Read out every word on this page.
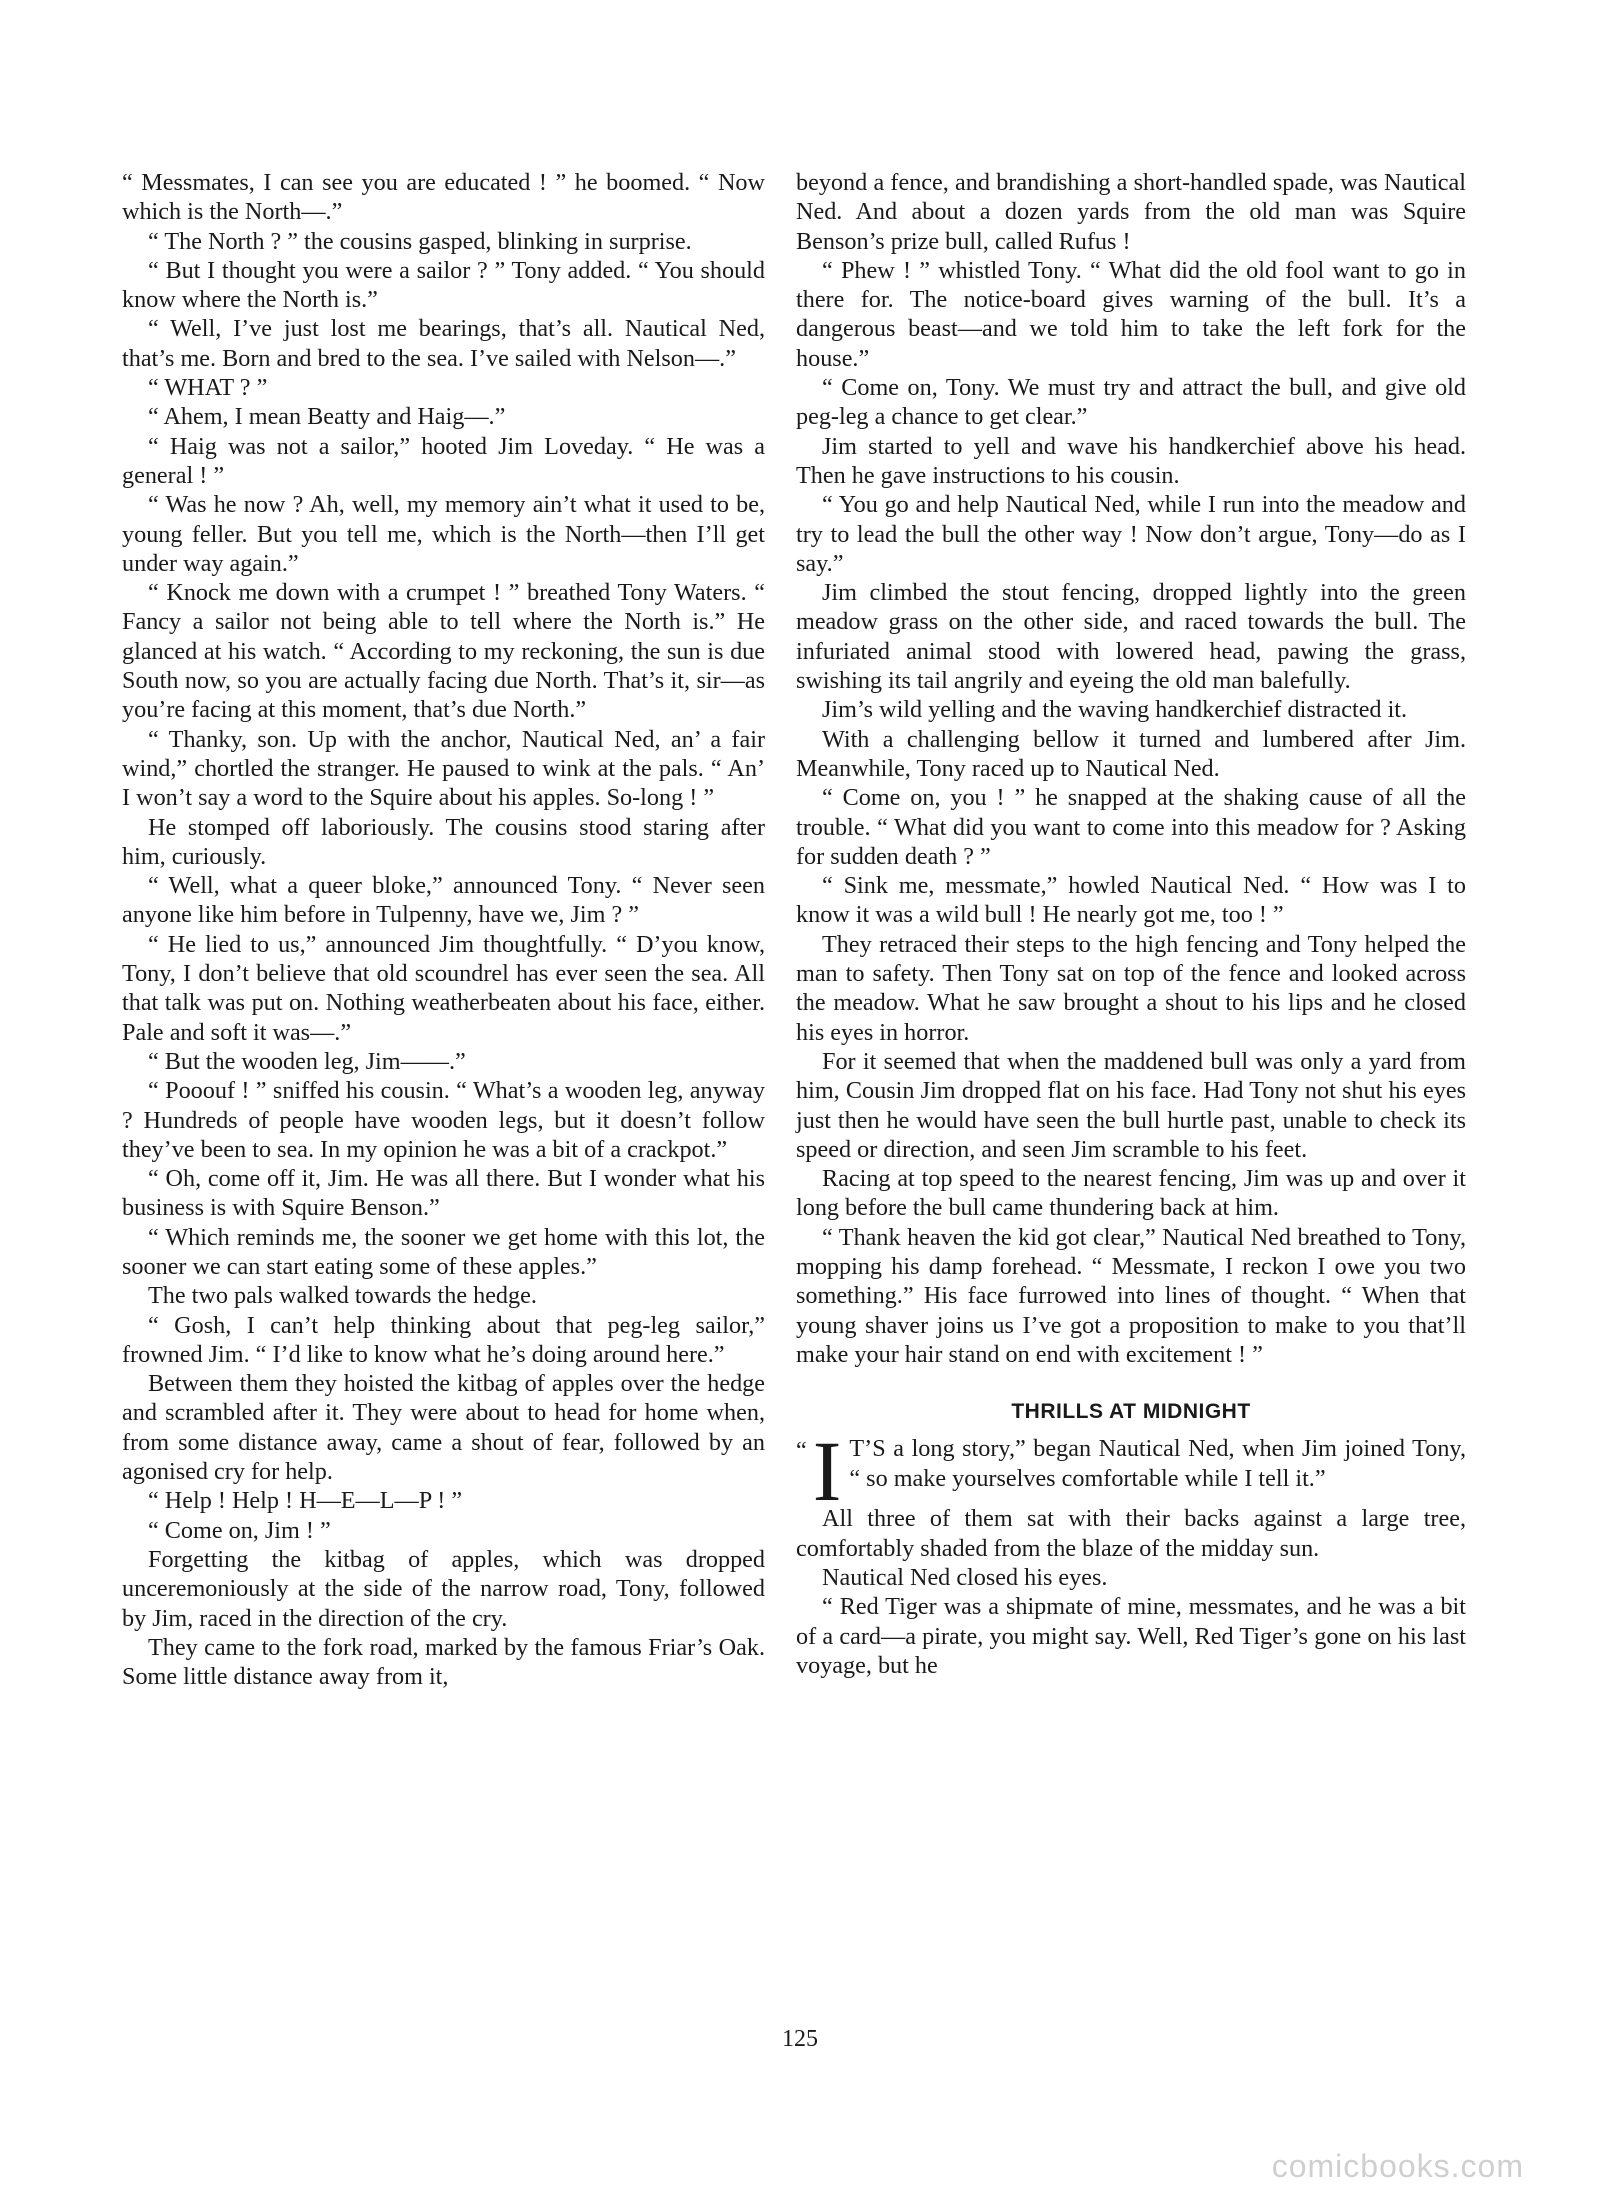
“ Messmates, I can see you are educated ! ” he boomed. “ Now which is the North—.”

“ The North ? ” the cousins gasped, blinking in surprise.

“ But I thought you were a sailor ? ” Tony added. “ You should know where the North is.”

“ Well, I’ve just lost me bearings, that’s all. Nautical Ned, that’s me. Born and bred to the sea. I’ve sailed with Nelson—.”

“ WHAT ? ”

“ Ahem, I mean Beatty and Haig—.”

“ Haig was not a sailor,” hooted Jim Loveday. “ He was a general ! ”

“ Was he now ? Ah, well, my memory ain’t what it used to be, young feller. But you tell me, which is the North—then I’ll get under way again.”

“ Knock me down with a crumpet ! ” breathed Tony Waters. “ Fancy a sailor not being able to tell where the North is.” He glanced at his watch. “ According to my reckoning, the sun is due South now, so you are actually facing due North. That’s it, sir—as you’re facing at this moment, that’s due North.”

“ Thanky, son. Up with the anchor, Nautical Ned, an’ a fair wind,” chortled the stranger. He paused to wink at the pals. “ An’ I won’t say a word to the Squire about his apples. So-long ! ”

He stomped off laboriously. The cousins stood staring after him, curiously.

“ Well, what a queer bloke,” announced Tony. “ Never seen anyone like him before in Tulpenny, have we, Jim ? ”

“ He lied to us,” announced Jim thoughtfully. “ D’you know, Tony, I don’t believe that old scoundrel has ever seen the sea. All that talk was put on. Nothing weatherbeaten about his face, either. Pale and soft it was—.”

“ But the wooden leg, Jim——.”

“ Pooouf ! ” sniffed his cousin. “ What’s a wooden leg, anyway ? Hundreds of people have wooden legs, but it doesn’t follow they’ve been to sea. In my opinion he was a bit of a crackpot.”

“ Oh, come off it, Jim. He was all there. But I wonder what his business is with Squire Benson.”

“ Which reminds me, the sooner we get home with this lot, the sooner we can start eating some of these apples.”

The two pals walked towards the hedge.

“ Gosh, I can’t help thinking about that peg-leg sailor,” frowned Jim. “ I’d like to know what he’s doing around here.”

Between them they hoisted the kitbag of apples over the hedge and scrambled after it. They were about to head for home when, from some distance away, came a shout of fear, followed by an agonised cry for help.

“ Help ! Help ! H—E—L—P ! ”

“ Come on, Jim ! ”

Forgetting the kitbag of apples, which was dropped unceremoniously at the side of the narrow road, Tony, followed by Jim, raced in the direction of the cry.

They came to the fork road, marked by the famous Friar’s Oak. Some little distance away from it,

beyond a fence, and brandishing a short-handled spade, was Nautical Ned. And about a dozen yards from the old man was Squire Benson’s prize bull, called Rufus !

“ Phew ! ” whistled Tony. “ What did the old fool want to go in there for. The notice-board gives warning of the bull. It’s a dangerous beast—and we told him to take the left fork for the house.”

“ Come on, Tony. We must try and attract the bull, and give old peg-leg a chance to get clear.”

Jim started to yell and wave his handkerchief above his head. Then he gave instructions to his cousin.

“ You go and help Nautical Ned, while I run into the meadow and try to lead the bull the other way ! Now don’t argue, Tony—do as I say.”

Jim climbed the stout fencing, dropped lightly into the green meadow grass on the other side, and raced towards the bull. The infuriated animal stood with lowered head, pawing the grass, swishing its tail angrily and eyeing the old man balefully.

Jim’s wild yelling and the waving handkerchief distracted it.

With a challenging bellow it turned and lumbered after Jim. Meanwhile, Tony raced up to Nautical Ned.

“ Come on, you ! ” he snapped at the shaking cause of all the trouble. “ What did you want to come into this meadow for ? Asking for sudden death ? ”

“ Sink me, messmate,” howled Nautical Ned. “ How was I to know it was a wild bull ! He nearly got me, too ! ”

They retraced their steps to the high fencing and Tony helped the man to safety. Then Tony sat on top of the fence and looked across the meadow. What he saw brought a shout to his lips and he closed his eyes in horror.

For it seemed that when the maddened bull was only a yard from him, Cousin Jim dropped flat on his face. Had Tony not shut his eyes just then he would have seen the bull hurtle past, unable to check its speed or direction, and seen Jim scramble to his feet.

Racing at top speed to the nearest fencing, Jim was up and over it long before the bull came thundering back at him.

“ Thank heaven the kid got clear,” Nautical Ned breathed to Tony, mopping his damp forehead. “ Messmate, I reckon I owe you two something.” His face furrowed into lines of thought. “ When that young shaver joins us I’ve got a proposition to make to you that’ll make your hair stand on end with excitement ! ”

THRILLS AT MIDNIGHT

“ I T’S a long story,” began Nautical Ned, when Jim joined Tony, “ so make yourselves comfortable while I tell it.”

All three of them sat with their backs against a large tree, comfortably shaded from the blaze of the midday sun.

Nautical Ned closed his eyes.

“ Red Tiger was a shipmate of mine, messmates, and he was a bit of a card—a pirate, you might say. Well, Red Tiger’s gone on his last voyage, but he

125
comicbooks.com
